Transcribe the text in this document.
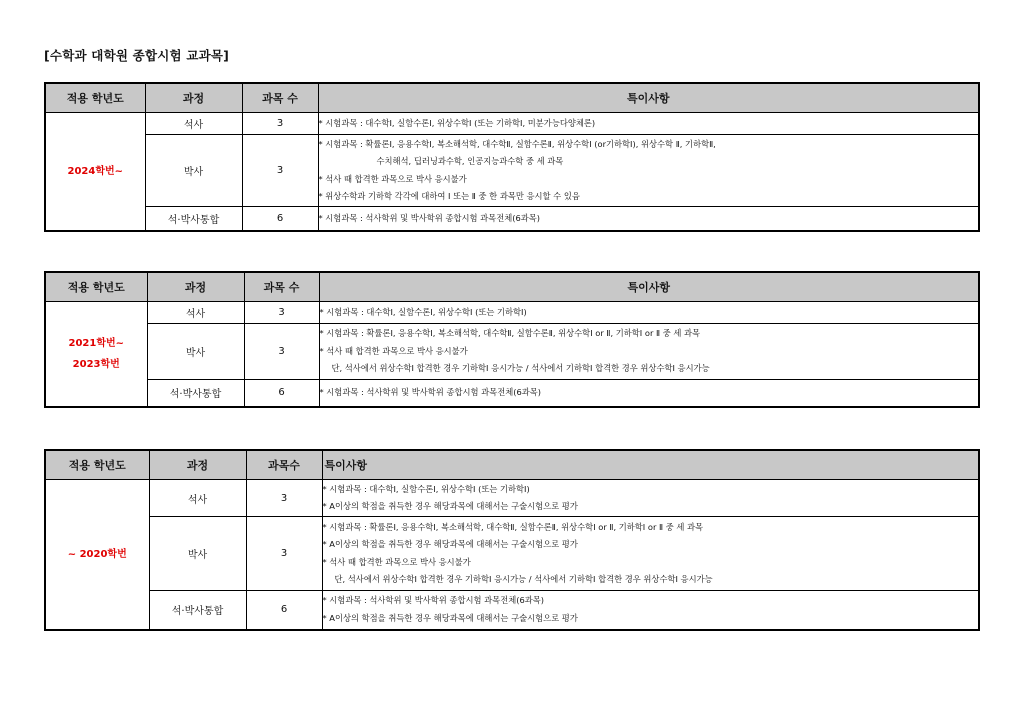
[수학과 대학원 종합시험 교과목]
적용 학년도	과정	과목 수	특이사항

2024학번~	석사	3	* 시험과목 : 대수학Ⅰ, 실함수론Ⅰ, 위상수학Ⅰ (또는 기하학Ⅰ, 미분가능다양체론)

	박사	3	* 시험과목 : 확률론Ⅰ, 응용수학Ⅰ, 복소해석학, 대수학Ⅱ, 실함수론Ⅱ, 위상수학Ⅰ (or기하학Ⅰ), 위상수학 Ⅱ, 기하학Ⅱ,
수치해석, 딥러닝과수학, 인공지능과수학 중 세 과목
* 석사 때 합격한 과목으로 박사 응시불가
* 위상수학과 기하학 각각에 대하여 Ⅰ 또는 Ⅱ 중 한 과목만 응시할 수 있음

	석·박사통합	6	* 시험과목 : 석사학위 및 박사학위 종합시험 과목전체(6과목)
적용 학년도	과정	과목 수	특이사항

2021학번~
2023학번	석사	3	* 시험과목 : 대수학Ⅰ, 실함수론Ⅰ, 위상수학Ⅰ (또는 기하학Ⅰ)

	박사	3	* 시험과목 : 확률론Ⅰ, 응용수학Ⅰ, 복소해석학, 대수학Ⅱ, 실함수론Ⅱ, 위상수학Ⅰ or Ⅱ, 기하학Ⅰ or Ⅱ 중 세 과목
* 석사 때 합격한 과목으로 박사 응시불가
단, 석사에서 위상수학Ⅰ 합격한 경우 기하학Ⅰ 응시가능 / 석사에서 기하학Ⅰ 합격한 경우 위상수학Ⅰ 응시가능

	석·박사통합	6	* 시험과목 : 석사학위 및 박사학위 종합시험 과목전체(6과목)
적용 학년도	과정	과목수	특이사항

~ 2020학번	석사	3	* 시험과목 : 대수학Ⅰ, 실함수론Ⅰ, 위상수학Ⅰ (또는 기하학Ⅰ)
* A이상의 학점을 취득한 경우 해당과목에 대해서는 구술시험으로 평가

	박사	3	* 시험과목 : 확률론Ⅰ, 응용수학Ⅰ, 복소해석학, 대수학Ⅱ, 실함수론Ⅱ, 위상수학Ⅰ or Ⅱ, 기하학Ⅰ or Ⅱ 중 세 과목
* A이상의 학점을 취득한 경우 해당과목에 대해서는 구술시험으로 평가
* 석사 때 합격한 과목으로 박사 응시불가
단, 석사에서 위상수학Ⅰ 합격한 경우 기하학Ⅰ 응시가능 / 석사에서 기하학Ⅰ 합격한 경우 위상수학Ⅰ 응시가능

	석·박사통합	6	* 시험과목 : 석사학위 및 박사학위 종합시험 과목전체(6과목)
* A이상의 학점을 취득한 경우 해당과목에 대해서는 구술시험으로 평가
